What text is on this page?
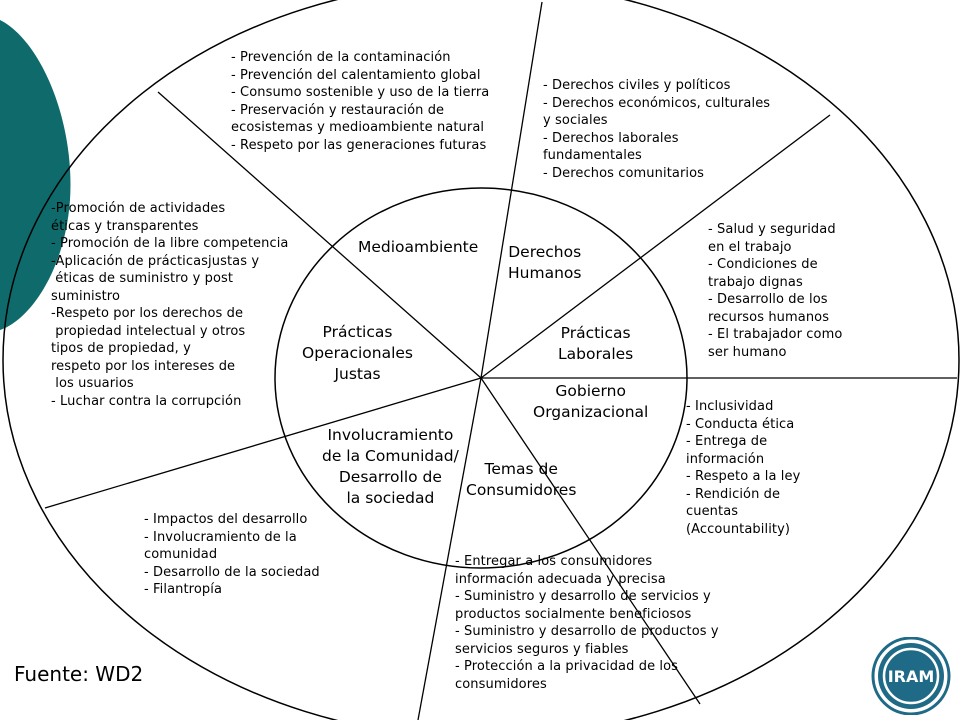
- Prevención de la contaminación
- Prevención del calentamiento global
- Consumo sostenible y uso de la tierra
- Preservación y restauración de
ecosistemas y medioambiente natural
- Respeto por las generaciones futuras
- Derechos civiles y políticos
- Derechos económicos, culturales
y sociales
- Derechos laborales
fundamentales
- Derechos comunitarios
- Salud y seguridad
en el trabajo
- Condiciones de
trabajo dignas
- Desarrollo de los
recursos humanos
- El trabajador como
ser humano
- Inclusividad
- Conducta ética
- Entrega de
información
- Respeto a la ley
- Rendición de
cuentas
(Accountability)
- Entregar a los consumidores
información adecuada y precisa
- Suministro y desarrollo de servicios y
productos socialmente beneficiosos
- Suministro y desarrollo de productos y
servicios seguros y fiables
- Protección a la privacidad de los
consumidores
- Impactos del desarrollo
- Involucramiento de la
comunidad
- Desarrollo de la sociedad
- Filantropía
-Promoción de actividades
éticas y transparentes
- Promoción de la libre competencia
-Aplicación de prácticasjustas y
éticas de suministro y post
suministro
-Respeto por los derechos de
propiedad intelectual y otros
tipos de propiedad, y
respeto por los intereses de
los usuarios
- Luchar contra la corrupción
Medioambiente Derechos
Humanos
Prácticas
Laborales
Gobierno
Organizacional
Temas de
Consumidores
Involucramiento
de la Comunidad/
Desarrollo de
la sociedad
Prácticas
Operacionales
Justas
Fuente: WD2	IRAM
